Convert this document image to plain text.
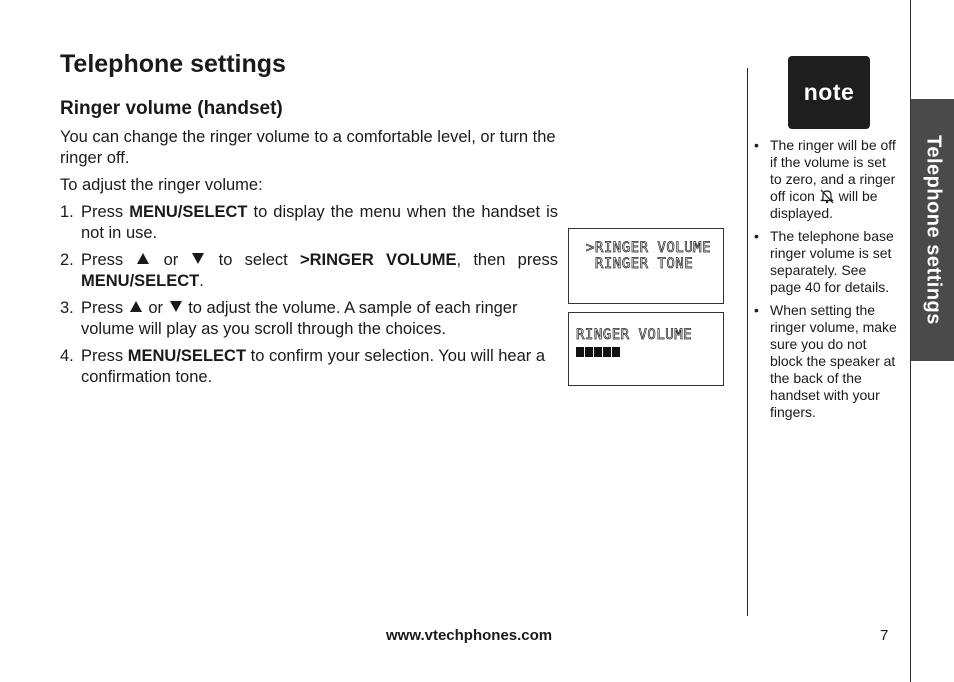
Telephone settings
Ringer volume (handset)

You can change the ringer volume to a comfortable level, or turn the ringer off.

To adjust the ringer volume:

1. Press MENU/SELECT to display the menu when the handset is not in use.
2. Press  or  to select >RINGER VOLUME, then press MENU/SELECT.
3. Press  or  to adjust the volume. A sample of each ringer volume will play as you scroll through the choices.
4. Press MENU/SELECT to confirm your selection. You will hear a confirmation tone.

>RINGER VOLUME

RINGER TONE

RINGER VOLUME

note
• The ringer will be off if the volume is set to zero, and a ringer off icon will be displayed.
• The telephone base ringer volume is set separately. See page 40 for details.
• When setting the ringer volume, make sure you do not block the speaker at the back of the handset with your fingers.
Telephone settings
www.vtechphones.com	7
